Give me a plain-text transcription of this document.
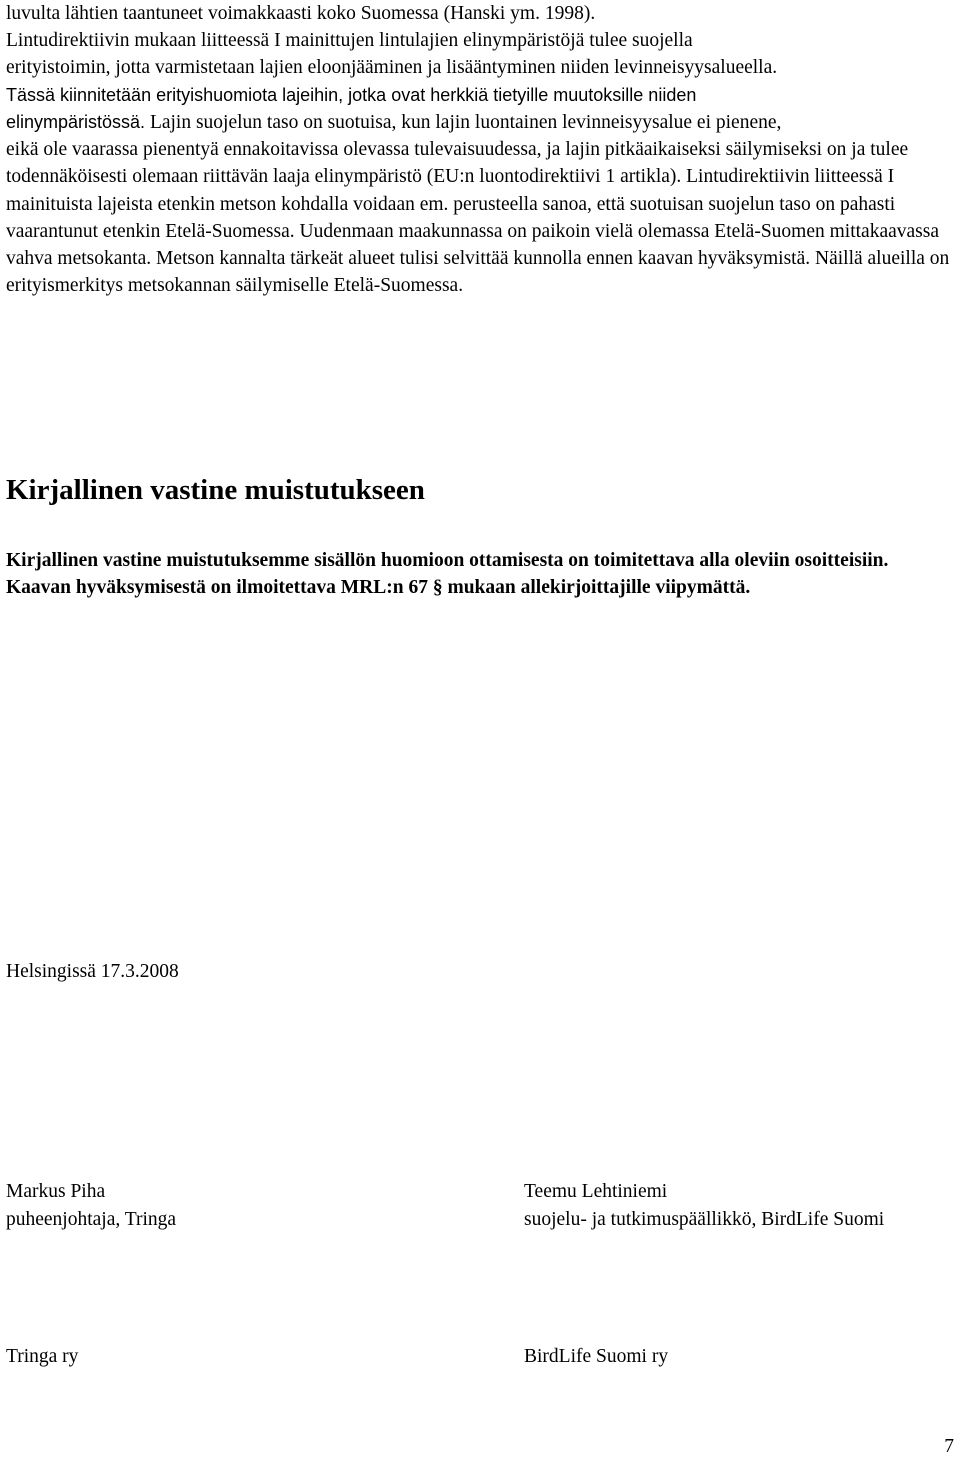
luvulta lähtien taantuneet voimakkaasti koko Suomessa (Hanski ym. 1998).
Lintudirektiivin mukaan liitteessä I mainittujen lintulajien elinympäristöjä tulee suojella
erityistoimin, jotta varmistetaan lajien eloonjääminen ja lisääntyminen niiden levinneisyysalueella.
Tässä kiinnitetään erityishuomiota lajeihin, jotka ovat herkkiä tietyille muutoksille niiden
elinympäristössä. Lajin suojelun taso on suotuisa, kun lajin luontainen levinneisyysalue ei pienene,

eikä ole vaarassa pienentyä ennakoitavissa olevassa tulevaisuudessa, ja lajin pitkäaikaiseksi säilymiseksi on ja tulee todennäköisesti olemaan riittävän laaja elinympäristö (EU:n luontodirektiivi 1 artikla). Lintudirektiivin liitteessä I mainituista lajeista etenkin metson kohdalla voidaan em. perusteella sanoa, että suotuisan suojelun taso on pahasti vaarantunut etenkin Etelä-Suomessa. Uudenmaan maakunnassa on paikoin vielä olemassa Etelä-Suomen mittakaavassa vahva metsokanta. Metson kannalta tärkeät alueet tulisi selvittää kunnolla ennen kaavan hyväksymistä. Näillä alueilla on erityismerkitys metsokannan säilymiselle Etelä-Suomessa.

Kirjallinen vastine muistutukseen

Kirjallinen vastine muistutuksemme sisällön huomioon ottamisesta on toimitettava alla oleviin osoitteisiin. Kaavan hyväksymisestä on ilmoitettava MRL:n 67 § mukaan allekirjoittajille viipymättä.

Helsingissä 17.3.2008

Markus Piha
puheenjohtaja, Tringa
Teemu Lehtiniemi
suojelu- ja tutkimuspäällikkö, BirdLife Suomi

Tringa ry	BirdLife Suomi ry

7
